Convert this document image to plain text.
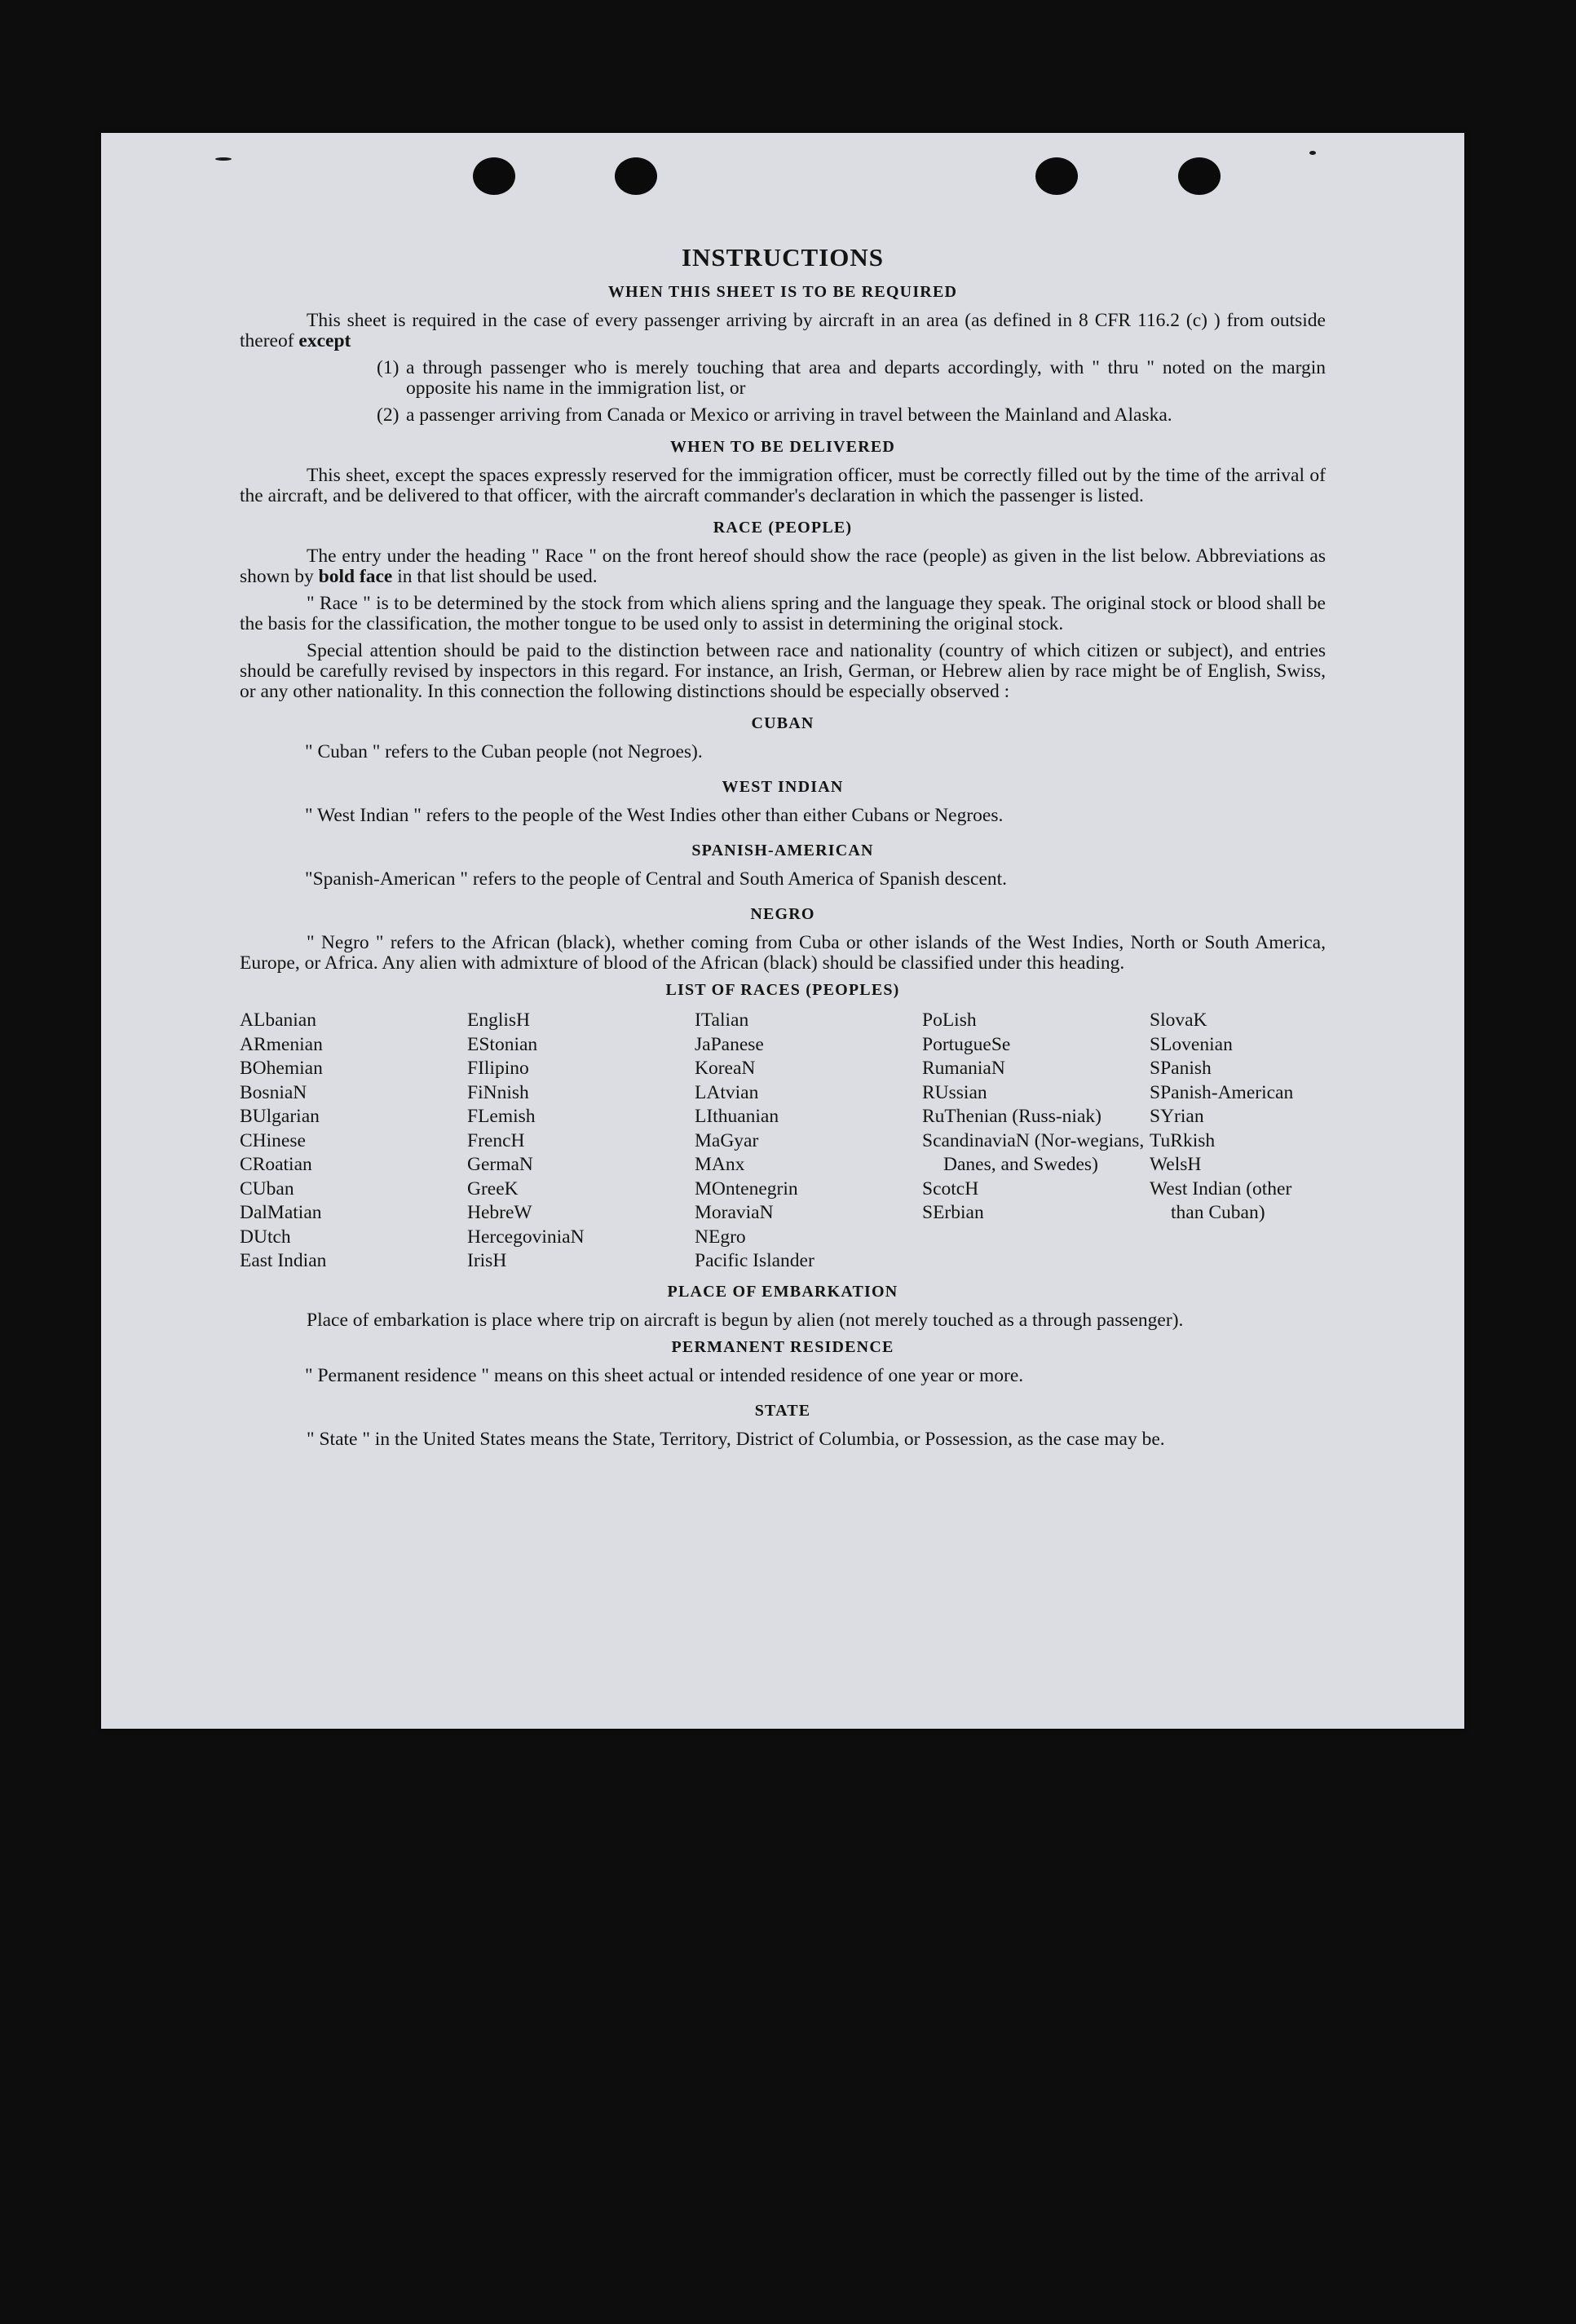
INSTRUCTIONS
WHEN THIS SHEET IS TO BE REQUIRED

This sheet is required in the case of every passenger arriving by aircraft in an area (as defined in 8 CFR 116.2 (c) ) from outside thereof except

(1) a through passenger who is merely touching that area and departs accordingly, with " thru " noted on the margin opposite his name in the immigration list, or
(2) a passenger arriving from Canada or Mexico or arriving in travel between the Mainland and Alaska.
WHEN TO BE DELIVERED

This sheet, except the spaces expressly reserved for the immigration officer, must be correctly filled out by the time of the arrival of the aircraft, and be delivered to that officer, with the aircraft commander's declaration in which the passenger is listed.

RACE (PEOPLE)

The entry under the heading " Race " on the front hereof should show the race (people) as given in the list below. Abbreviations as shown by bold face in that list should be used.

" Race " is to be determined by the stock from which aliens spring and the language they speak. The original stock or blood shall be the basis for the classification, the mother tongue to be used only to assist in determining the original stock.

Special attention should be paid to the distinction between race and nationality (country of which citizen or subject), and entries should be carefully revised by inspectors in this regard. For instance, an Irish, German, or Hebrew alien by race might be of English, Swiss, or any other nationality. In this connection the following distinctions should be especially observed :

CUBAN

" Cuban " refers to the Cuban people (not Negroes).

WEST INDIAN

" West Indian " refers to the people of the West Indies other than either Cubans or Negroes.

SPANISH-AMERICAN

"Spanish-American " refers to the people of Central and South America of Spanish descent.

NEGRO

" Negro " refers to the African (black), whether coming from Cuba or other islands of the West Indies, North or South America, Europe, or Africa. Any alien with admixture of blood of the African (black) should be classified under this heading.

LIST OF RACES (PEOPLES)
ALbanian
ARmenian
BOhemian
BosniaN
BUlgarian
CHinese
CRoatian
CUban
DalMatian
DUtch
East Indian
EnglisH
EStonian
FIlipino
FiNnish
FLemish
FrencH
GermaN
GreeK
HebreW
HercegoviniaN
IrisH
ITalian
JaPanese
KoreaN
LAtvian
LIthuanian
MaGyar
MAnx
MOntenegrin
MoraviaN
NEgro
Pacific Islander
PoLish
PortugueSe
RumaniaN
RUssian
RuThenian (Russ-niak)
ScandinaviaN (Nor-wegians, Danes, and Swedes)
ScotcH
SErbian
SlovaK
SLovenian
SPanish
SPanish-American
SYrian
TuRkish
WelsH
West Indian (other than Cuban)
PLACE OF EMBARKATION

Place of embarkation is place where trip on aircraft is begun by alien (not merely touched as a through passenger).

PERMANENT RESIDENCE

" Permanent residence " means on this sheet actual or intended residence of one year or more.

STATE

" State " in the United States means the State, Territory, District of Columbia, or Possession, as the case may be.
